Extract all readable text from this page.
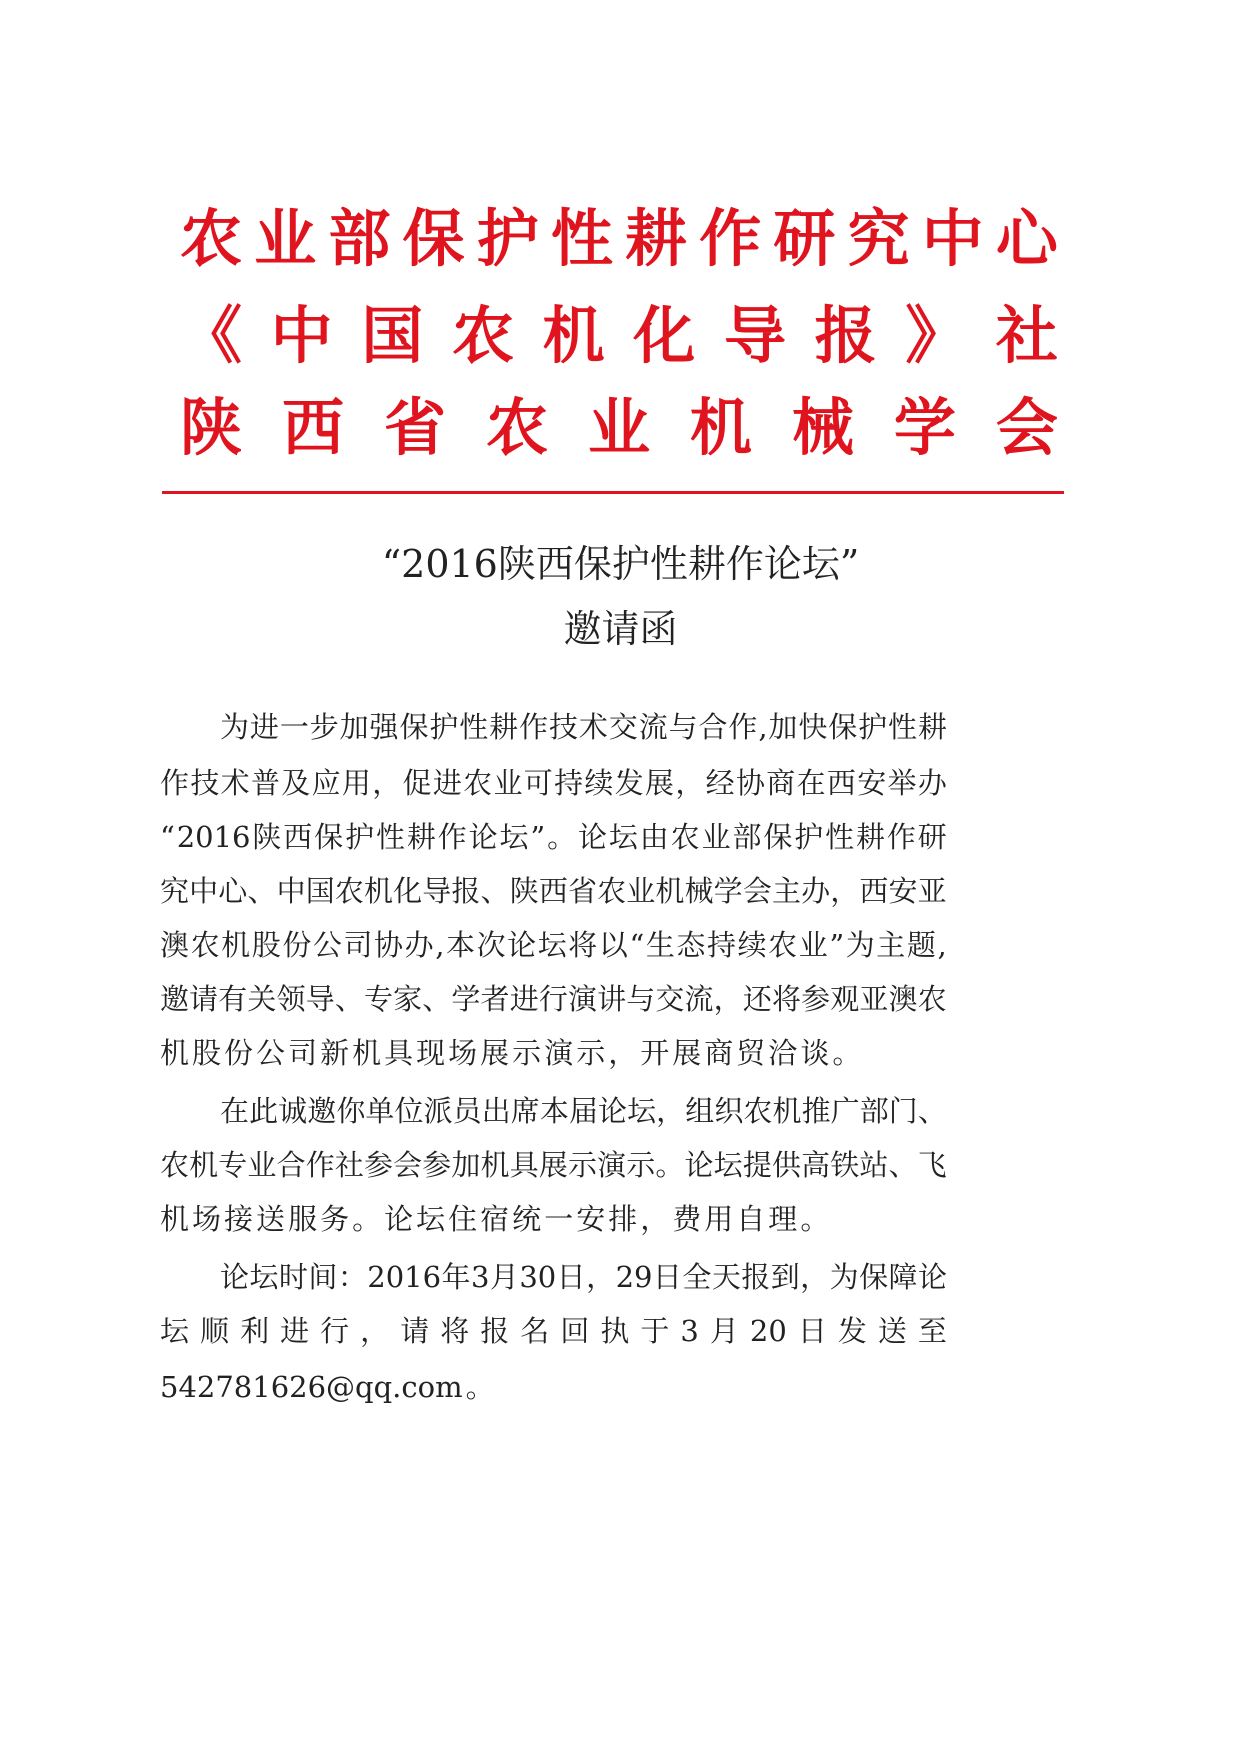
农 业 部 保 护 性 耕 作 研 究 中 心
《 中 国 农 机 化 导 报 》 社
陕 西 省 农 业 机 械 学 会
“2016陕西保护性耕作论坛”
邀请函
为 进 一 步 加 强 保 护 性 耕 作 技 术 交 流 与 合 作 , 加 快 保 护 性 耕
作 技 术 普 及 应 用 ， 促 进 农 业 可 持 续 发 展 ， 经 协 商 在 西 安 举 办
“ 2016 陕 西 保 护 性 耕 作 论 坛 ” 。 论 坛 由 农 业 部 保 护 性 耕 作 研
究 中 心 、 中 国 农 机 化 导 报 、 陕 西 省 农 业 机 械 学 会 主 办 ， 西 安 亚
澳 农 机 股 份 公 司 协 办 , 本 次 论 坛 将 以 “ 生 态 持 续 农 业 ” 为 主 题 ,
邀 请 有 关 领 导 、 专 家 、 学 者 进 行 演 讲 与 交 流 ， 还 将 参 观 亚 澳 农
机 股 份 公 司 新 机 具 现 场 展 示 演 示 ， 开 展 商 贸 洽 谈 。
在 此 诚 邀 你 单 位 派 员 出 席 本 届 论 坛 ， 组 织 农 机 推 广 部 门 、
农 机 专 业 合 作 社 参 会 参 加 机 具 展 示 演 示 。 论 坛 提 供 高 铁 站 、 飞
机 场 接 送 服 务 。 论 坛 住 宿 统 一 安 排 ， 费 用 自 理 。
论 坛 时 间 ： 2016 年 3 月 30 日 ， 29 日 全 天 报 到 ， 为 保 障 论
坛 顺 利 进 行 ， 请 将 报 名 回 执 于 3 月 20 日 发 送 至
542781626@qq.com 。
